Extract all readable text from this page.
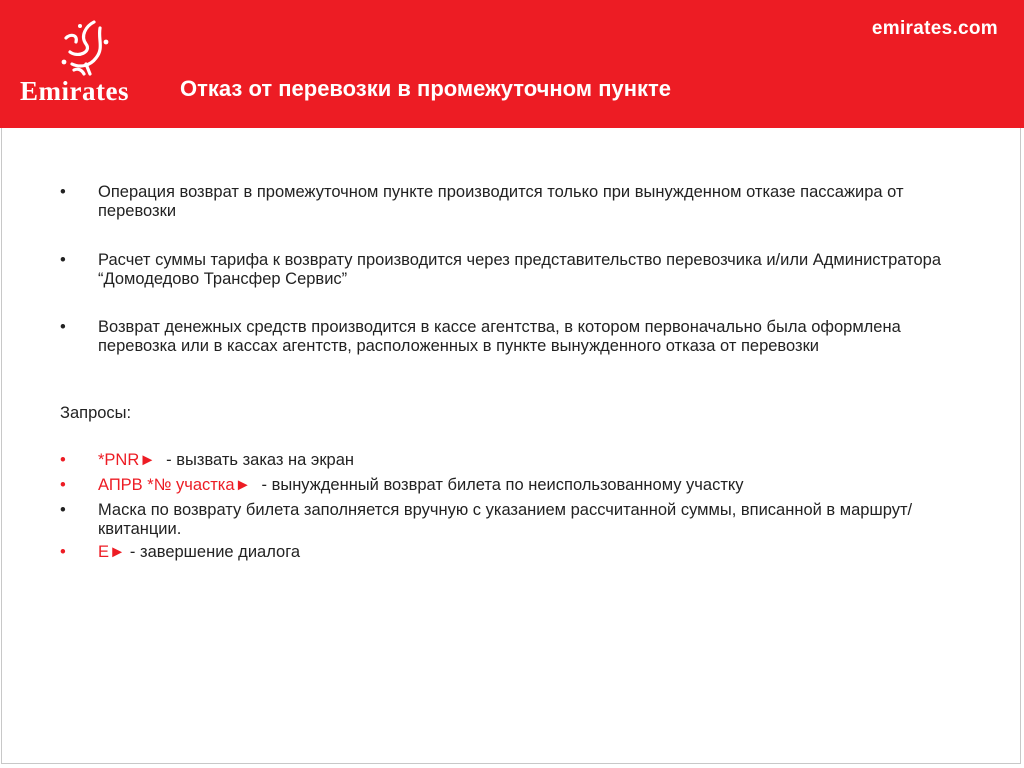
Emirates
emirates.com
Отказ от перевозки в промежуточном пункте
•	Операция возврат в промежуточном пункте производится только при вынужденном отказе пассажира от перевозки
•	Расчет суммы тарифа к возврату производится через представительство перевозчика и/или Администратора “Домодедово Трансфер Сервис”
•	Возврат денежных средств производится в кассе агентства, в котором первоначально была оформлена перевозка или в кассах агентств, расположенных в пункте вынужденного отказа от перевозки
Запросы:
•	*PNR► - вызвать заказ на экран
•	АПРВ *№ участка► - вынужденный возврат билета по неиспользованному участку
•	Маска по возврату билета заполняется вручную с указанием рассчитанной суммы, вписанной в маршрут/квитанции.
•	E► - завершение диалога
